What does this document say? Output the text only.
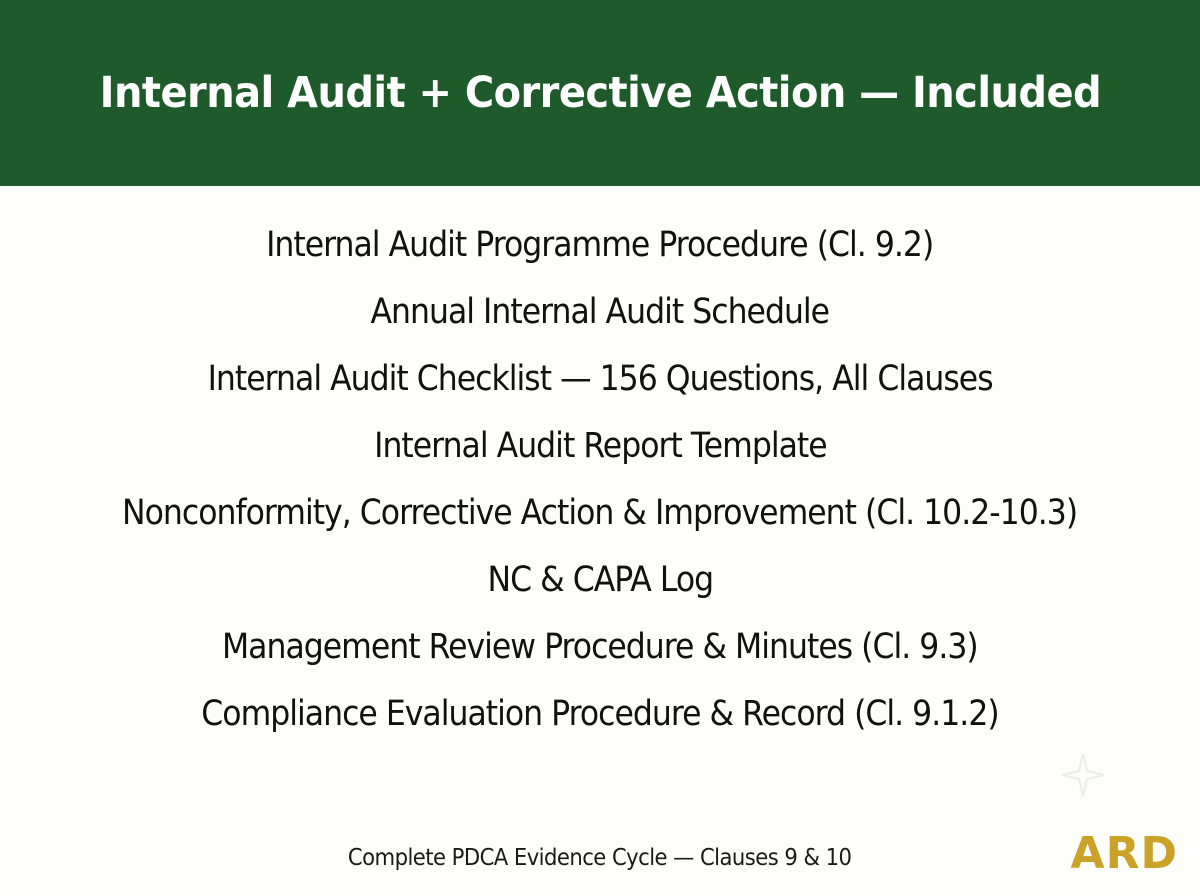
Internal Audit + Corrective Action — Included
Internal Audit Programme Procedure (Cl. 9.2)
Annual Internal Audit Schedule
Internal Audit Checklist — 156 Questions, All Clauses
Internal Audit Report Template
Nonconformity, Corrective Action & Improvement (Cl. 10.2-10.3)
NC & CAPA Log
Management Review Procedure & Minutes (Cl. 9.3)
Compliance Evaluation Procedure & Record (Cl. 9.1.2)
Complete PDCA Evidence Cycle — Clauses 9 & 10	ARD
